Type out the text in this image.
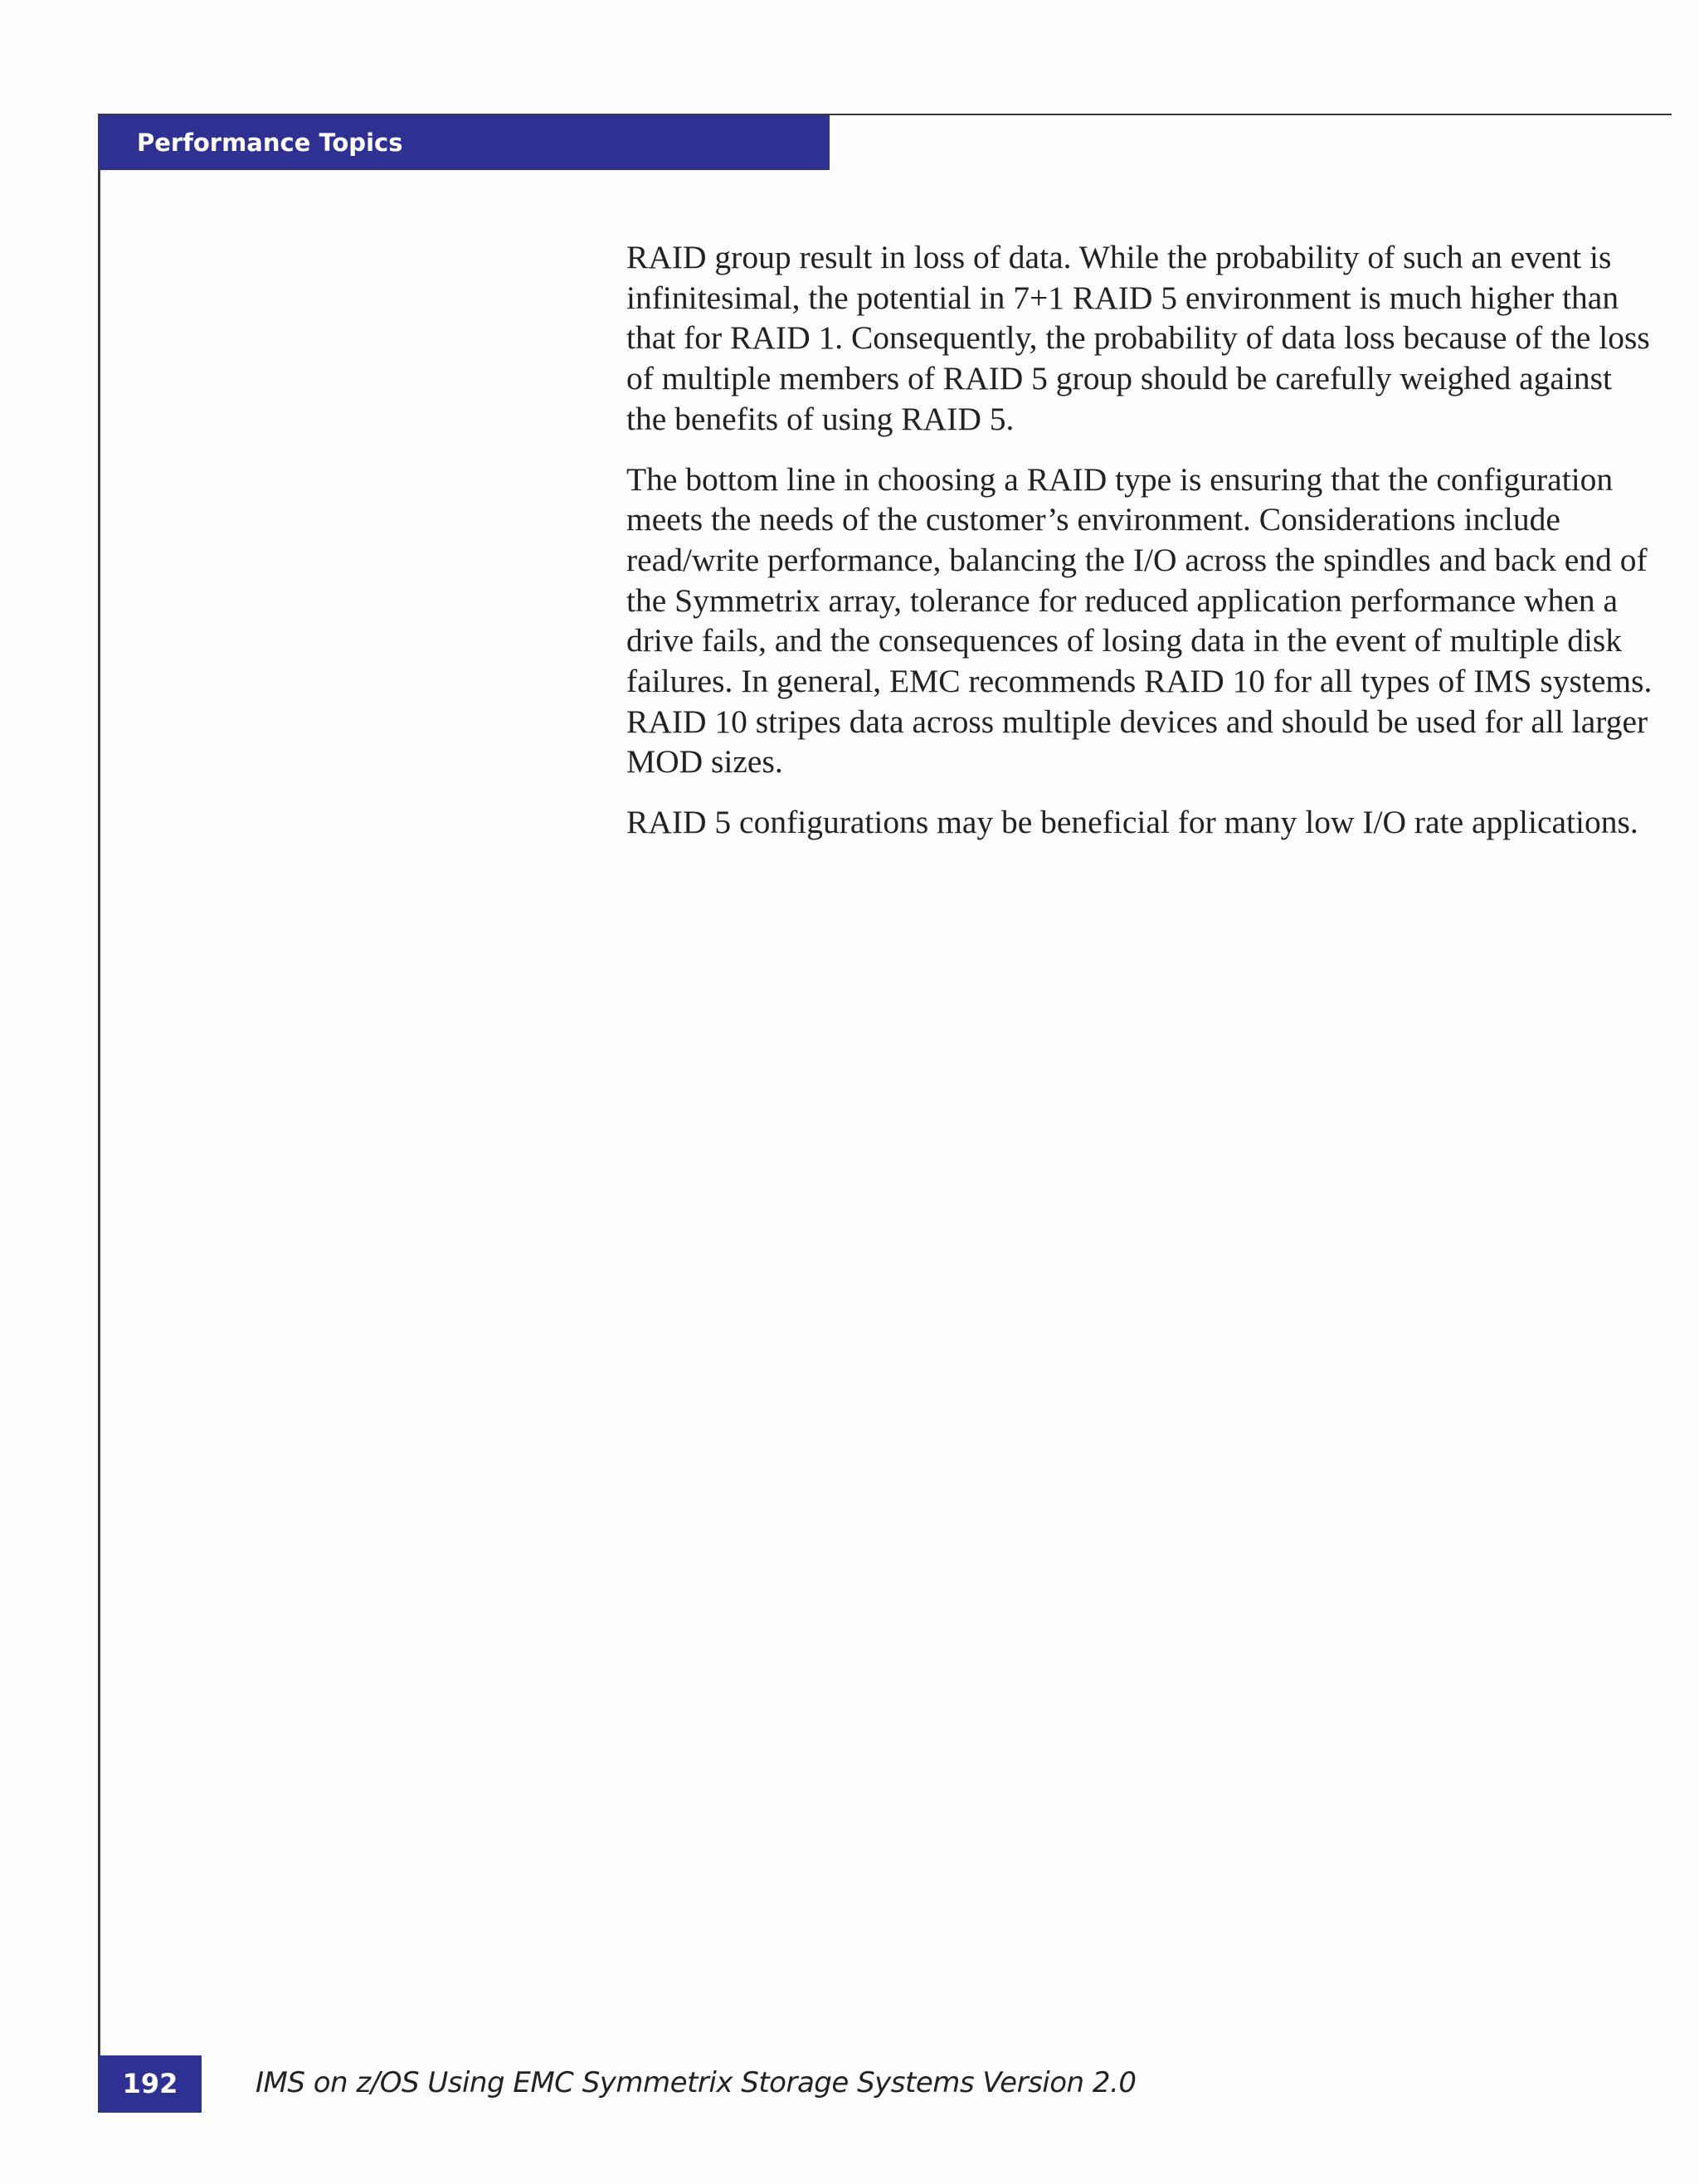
Performance Topics

RAID group result in loss of data. While the probability of such an event is infinitesimal, the potential in 7+1 RAID 5 environment is much higher than that for RAID 1. Consequently, the probability of data loss because of the loss of multiple members of RAID 5 group should be carefully weighed against the benefits of using RAID 5.

The bottom line in choosing a RAID type is ensuring that the configuration meets the needs of the customer’s environment. Considerations include read/write performance, balancing the I/O across the spindles and back end of the Symmetrix array, tolerance for reduced application performance when a drive fails, and the consequences of losing data in the event of multiple disk failures. In general, EMC recommends RAID 10 for all types of IMS systems. RAID 10 stripes data across multiple devices and should be used for all larger MOD sizes.

RAID 5 configurations may be beneficial for many low I/O rate applications.

192	IMS on z/OS Using EMC Symmetrix Storage Systems Version 2.0
